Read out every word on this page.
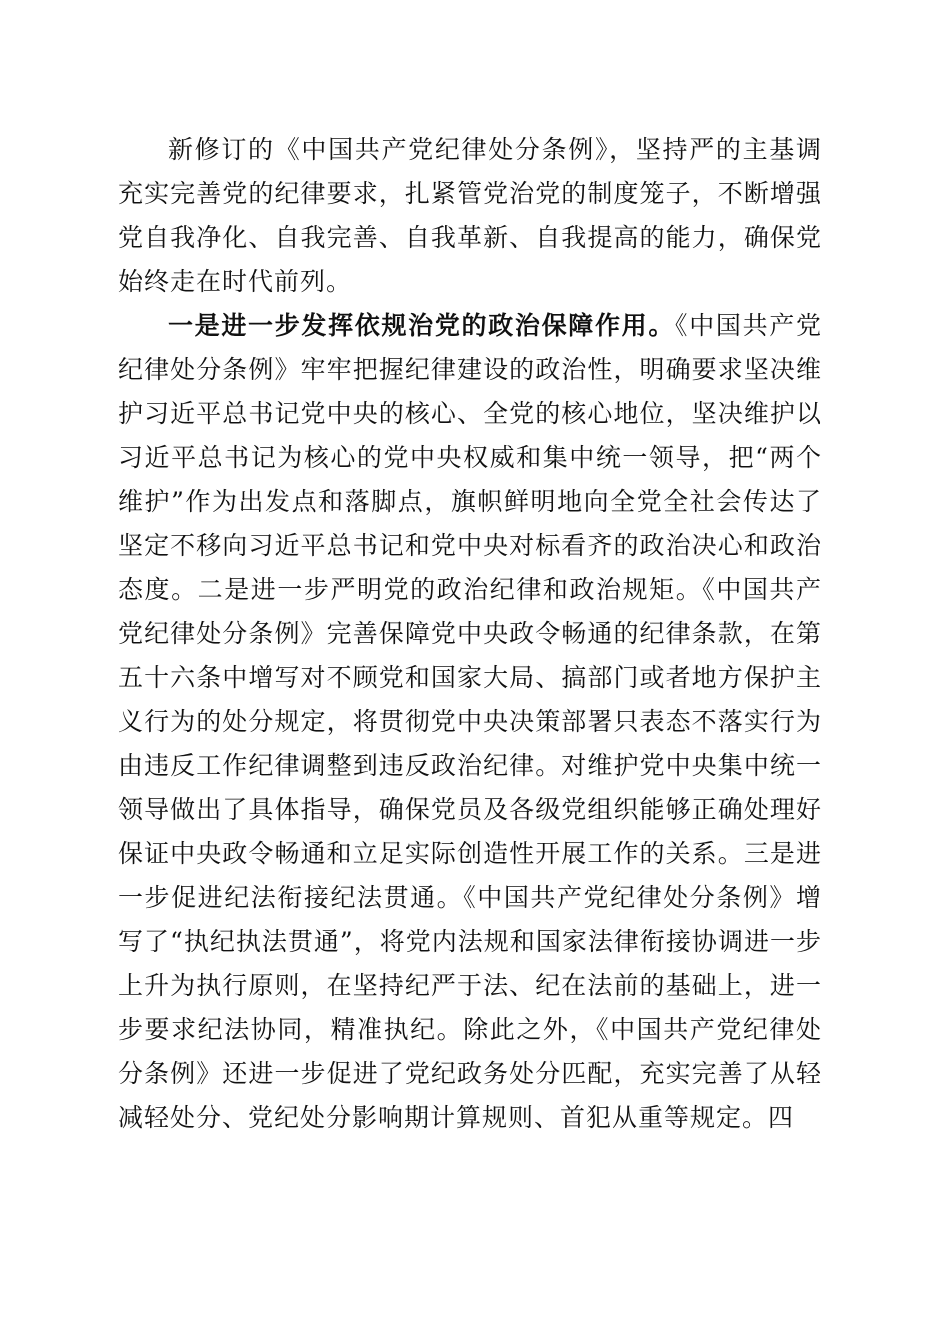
新修订的《中国共产党纪律处分条例》，坚持严的主基调充实完善党的纪律要求，扎紧管党治党的制度笼子，不断增强党自我净化、自我完善、自我革新、自我提高的能力，确保党始终走在时代前列。

一是进一步发挥依规治党的政治保障作用。《中国共产党纪律处分条例》牢牢把握纪律建设的政治性，明确要求坚决维护习近平总书记党中央的核心、全党的核心地位，坚决维护以习近平总书记为核心的党中央权威和集中统一领导，把“两个维护”作为出发点和落脚点，旗帜鲜明地向全党全社会传达了坚定不移向习近平总书记和党中央对标看齐的政治决心和政治态度。二是进一步严明党的政治纪律和政治规矩。《中国共产党纪律处分条例》完善保障党中央政令畅通的纪律条款，在第五十六条中增写对不顾党和国家大局、搞部门或者地方保护主义行为的处分规定，将贯彻党中央决策部署只表态不落实行为由违反工作纪律调整到违反政治纪律。对维护党中央集中统一领导做出了具体指导，确保党员及各级党组织能够正确处理好保证中央政令畅通和立足实际创造性开展工作的关系。三是进一步促进纪法衔接纪法贯通。《中国共产党纪律处分条例》增写了“执纪执法贯通”，将党内法规和国家法律衔接协调进一步上升为执行原则，在坚持纪严于法、纪在法前的基础上，进一步要求纪法协同，精准执纪。除此之外，《中国共产党纪律处分条例》还进一步促进了党纪政务处分匹配，充实完善了从轻减轻处分、党纪处分影响期计算规则、首犯从重等规定。四
